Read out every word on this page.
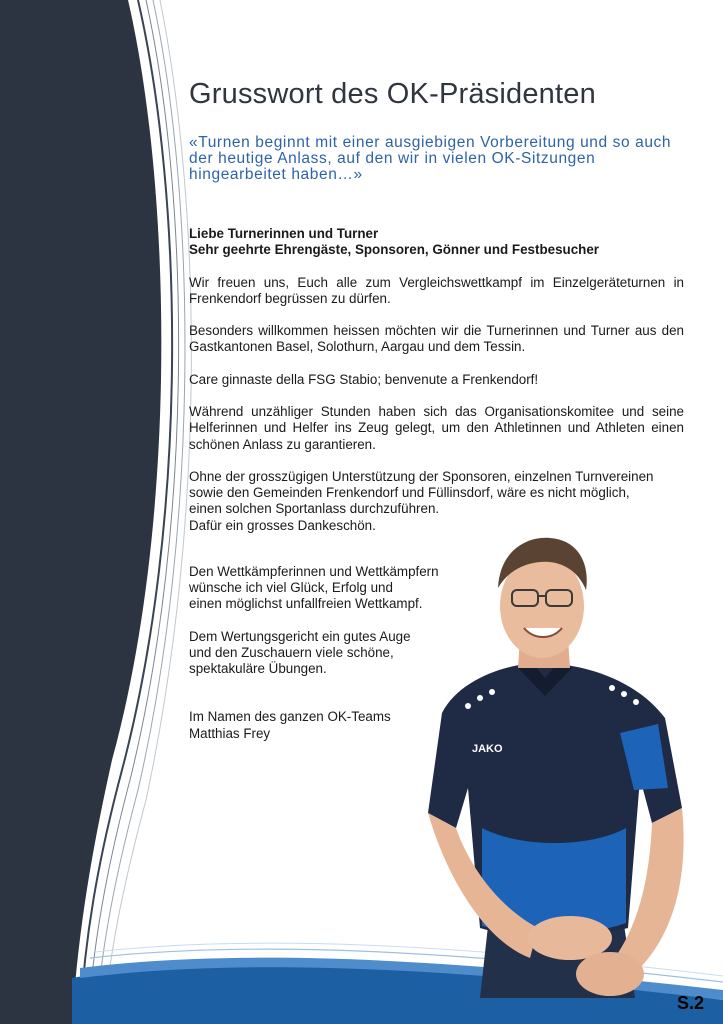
Grusswort des OK-Präsidenten

«Turnen beginnt mit einer ausgiebigen Vorbereitung und so auch der heutige Anlass, auf den wir in vielen OK-Sitzungen hingearbeitet haben…»

Liebe Turnerinnen und Turner
Sehr geehrte Ehrengäste, Sponsoren, Gönner und Festbesucher

Wir freuen uns, Euch alle zum Vergleichswettkampf im Einzelgeräteturnen in Frenkendorf begrüssen zu dürfen.

Besonders willkommen heissen möchten wir die Turnerinnen und Turner aus den Gastkantonen Basel, Solothurn, Aargau und dem Tessin.

Care ginnaste della FSG Stabio; benvenute a Frenkendorf!

Während unzähliger Stunden haben sich das Organisationskomitee und seine Helferinnen und Helfer ins Zeug gelegt, um den Athletinnen und Athleten einen schönen Anlass zu garantieren.

Ohne der grosszügigen Unterstützung der Sponsoren, einzelnen Turnvereinen
sowie den Gemeinden Frenkendorf und Füllinsdorf, wäre es nicht möglich,
einen solchen Sportanlass durchzuführen.
Dafür ein grosses Dankeschön.

Den Wettkämpferinnen und Wettkämpfern
wünsche ich viel Glück, Erfolg und
einen möglichst unfallfreien Wettkampf.

Dem Wertungsgericht ein gutes Auge
und den Zuschauern viele schöne,
spektakuläre Übungen.

Im Namen des ganzen OK-Teams
Matthias Frey

JAKO
S.2
